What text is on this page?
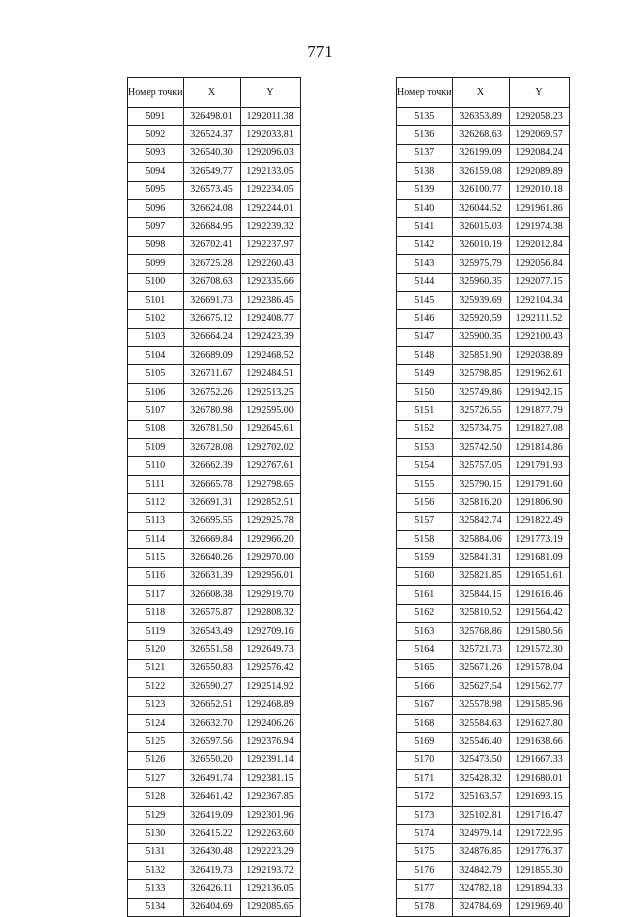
771
Номер точки	X	Y
5091	326498.01	1292011.38
5092	326524.37	1292033.81
5093	326540.30	1292096.03
5094	326549.77	1292133.05
5095	326573.45	1292234.05
5096	326624.08	1292244.01
5097	326684.95	1292239.32
5098	326702.41	1292237.97
5099	326725.28	1292260.43
5100	326708.63	1292335.66
5101	326691.73	1292386.45
5102	326675.12	1292408.77
5103	326664.24	1292423.39
5104	326689.09	1292468.52
5105	326711.67	1292484.51
5106	326752.26	1292513.25
5107	326780.98	1292595.00
5108	326781.50	1292645.61
5109	326728.08	1292702.02
5110	326662.39	1292767.61
5111	326665.78	1292798.65
5112	326691.31	1292852.51
5113	326695.55	1292925.78
5114	326669.84	1292966.20
5115	326640.26	1292970.00
5116	326631.39	1292956.01
5117	326608.38	1292919.70
5118	326575.87	1292808.32
5119	326543.49	1292709.16
5120	326551.58	1292649.73
5121	326550.83	1292576.42
5122	326590.27	1292514.92
5123	326652.51	1292468.89
5124	326632.70	1292406.26
5125	326597.56	1292376.94
5126	326550.20	1292391.14
5127	326491.74	1292381.15
5128	326461.42	1292367.85
5129	326419.09	1292301.96
5130	326415.22	1292263.60
5131	326430.48	1292223.29
5132	326419.73	1292193.72
5133	326426.11	1292136.05
5134	326404.69	1292085.65
Номер точки	X	Y
5135	326353.89	1292058.23
5136	326268.63	1292069.57
5137	326199.09	1292084.24
5138	326159.08	1292089.89
5139	326100.77	1292010.18
5140	326044.52	1291961.86
5141	326015.03	1291974.38
5142	326010.19	1292012.84
5143	325975.79	1292056.84
5144	325960.35	1292077.15
5145	325939.69	1292104.34
5146	325920.59	1292111.52
5147	325900.35	1292100.43
5148	325851.90	1292038.89
5149	325798.85	1291962.61
5150	325749.86	1291942.15
5151	325726.55	1291877.79
5152	325734.75	1291827.08
5153	325742.50	1291814.86
5154	325757.05	1291791.93
5155	325790.15	1291791.60
5156	325816.20	1291806.90
5157	325842.74	1291822.49
5158	325884.06	1291773.19
5159	325841.31	1291681.09
5160	325821.85	1291651.61
5161	325844.15	1291616.46
5162	325810.52	1291564.42
5163	325768.86	1291580.56
5164	325721.73	1291572.30
5165	325671.26	1291578.04
5166	325627.54	1291562.77
5167	325578.98	1291585.96
5168	325584.63	1291627.80
5169	325546.40	1291638.66
5170	325473.50	1291667.33
5171	325428.32	1291680.01
5172	325163.57	1291693.15
5173	325102.81	1291716.47
5174	324979.14	1291722.95
5175	324876.85	1291776.37
5176	324842.79	1291855.30
5177	324782.18	1291894.33
5178	324784.69	1291969.40
